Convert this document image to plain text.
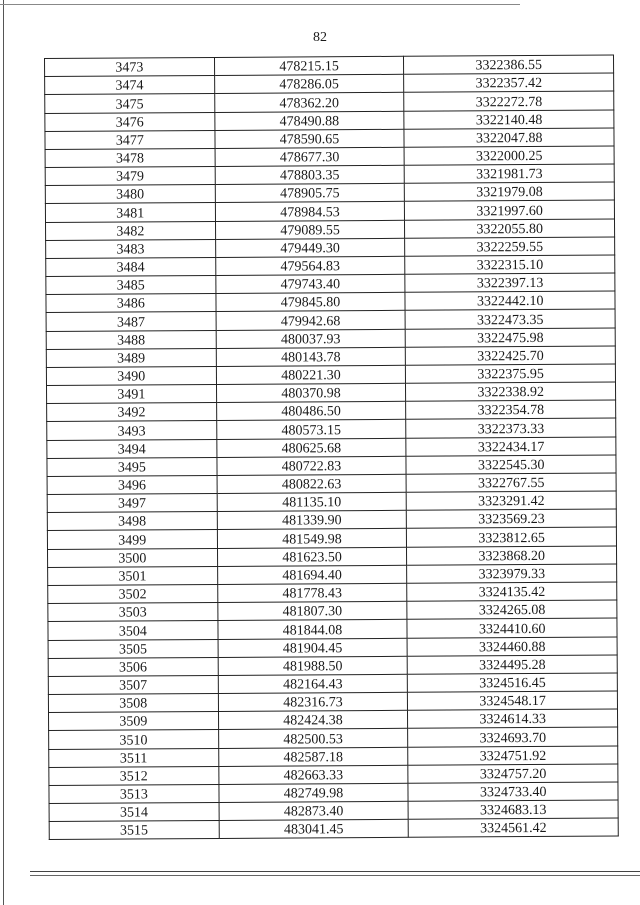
82
3473	478215.15	3322386.55
3474	478286.05	3322357.42
3475	478362.20	3322272.78
3476	478490.88	3322140.48
3477	478590.65	3322047.88
3478	478677.30	3322000.25
3479	478803.35	3321981.73
3480	478905.75	3321979.08
3481	478984.53	3321997.60
3482	479089.55	3322055.80
3483	479449.30	3322259.55
3484	479564.83	3322315.10
3485	479743.40	3322397.13
3486	479845.80	3322442.10
3487	479942.68	3322473.35
3488	480037.93	3322475.98
3489	480143.78	3322425.70
3490	480221.30	3322375.95
3491	480370.98	3322338.92
3492	480486.50	3322354.78
3493	480573.15	3322373.33
3494	480625.68	3322434.17
3495	480722.83	3322545.30
3496	480822.63	3322767.55
3497	481135.10	3323291.42
3498	481339.90	3323569.23
3499	481549.98	3323812.65
3500	481623.50	3323868.20
3501	481694.40	3323979.33
3502	481778.43	3324135.42
3503	481807.30	3324265.08
3504	481844.08	3324410.60
3505	481904.45	3324460.88
3506	481988.50	3324495.28
3507	482164.43	3324516.45
3508	482316.73	3324548.17
3509	482424.38	3324614.33
3510	482500.53	3324693.70
3511	482587.18	3324751.92
3512	482663.33	3324757.20
3513	482749.98	3324733.40
3514	482873.40	3324683.13
3515	483041.45	3324561.42
